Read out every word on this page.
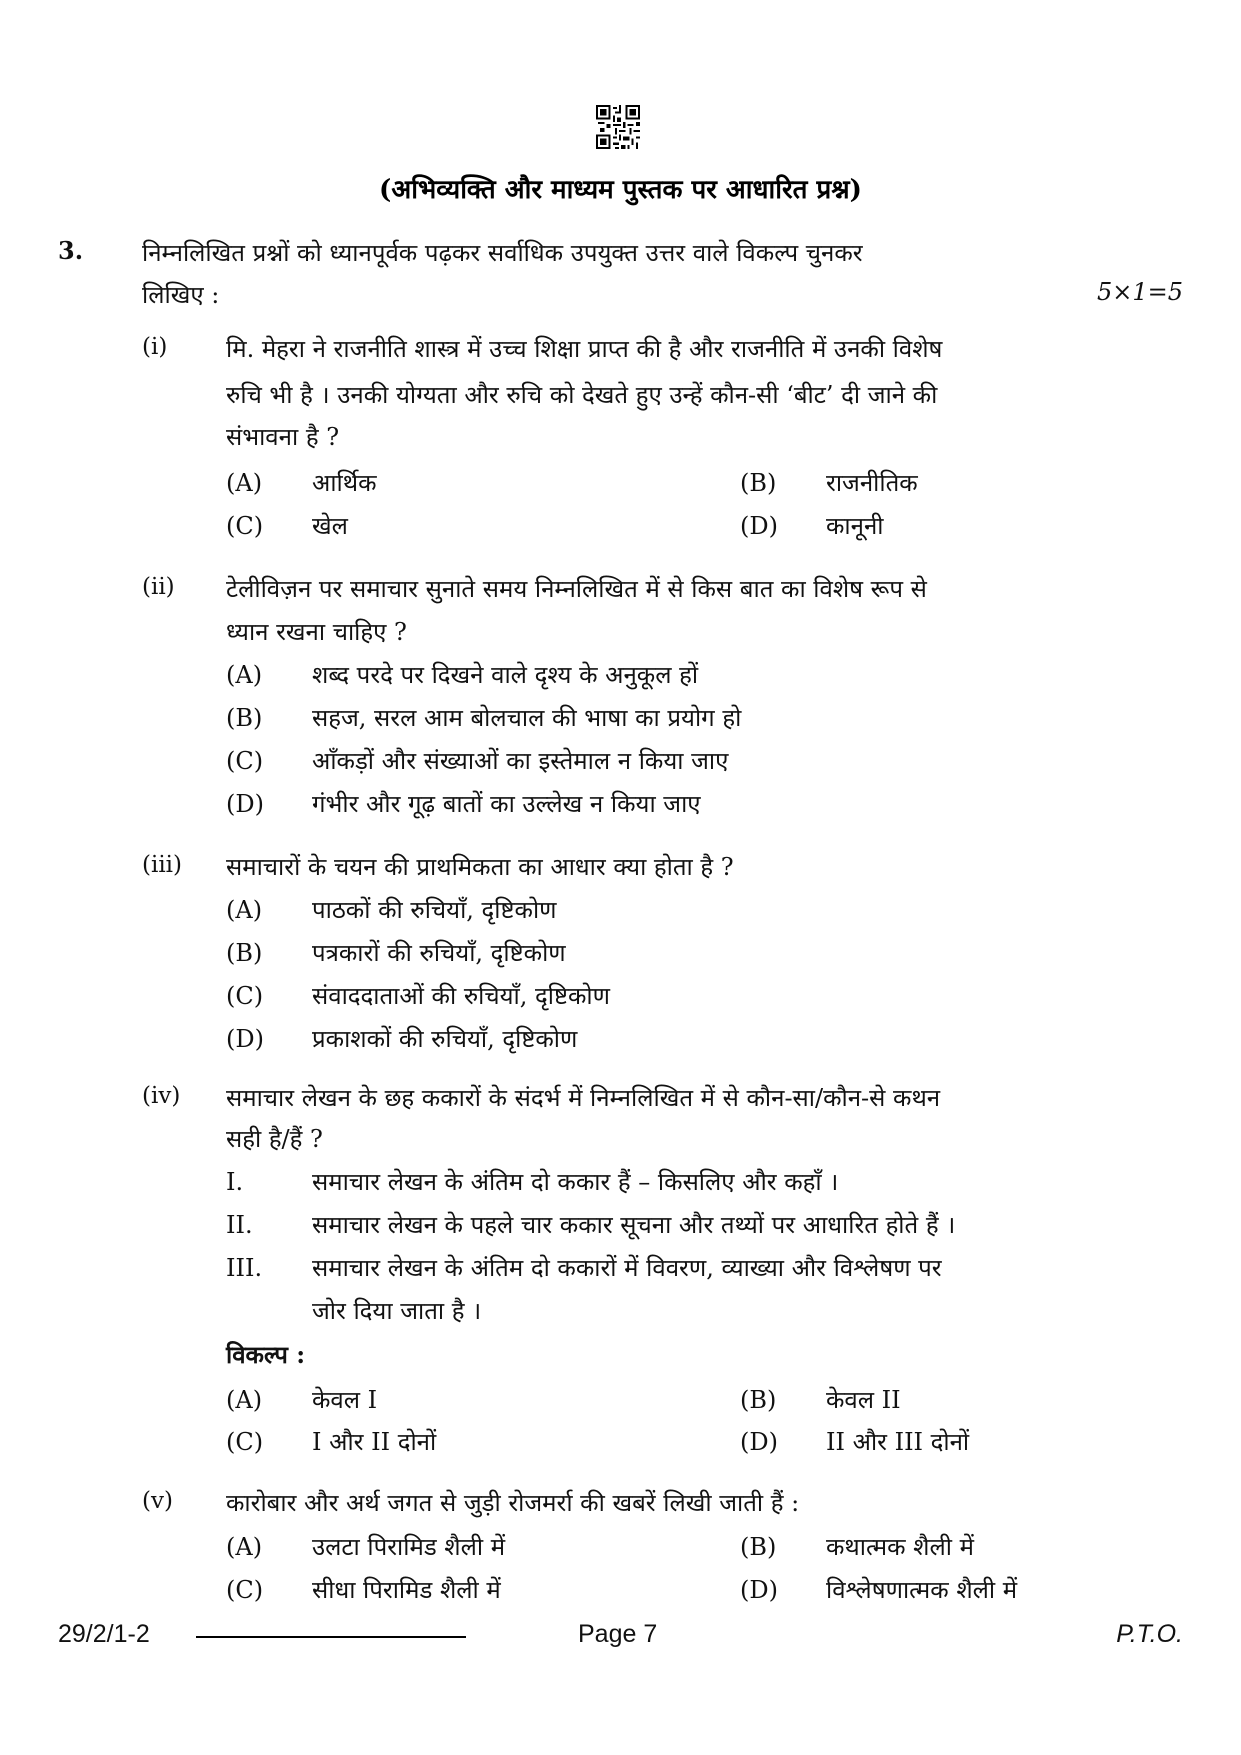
(अभिव्यक्ति और माध्यम पुस्तक पर आधारित प्रश्न)
3. निम्नलिखित प्रश्नों को ध्यानपूर्वक पढ़कर सर्वाधिक उपयुक्त उत्तर वाले विकल्प चुनकर
लिखिए :	5×1=5
(i) मि. मेहरा ने राजनीति शास्त्र में उच्च शिक्षा प्राप्त की है और राजनीति में उनकी विशेष
रुचि भी है । उनकी योग्यता और रुचि को देखते हुए उन्हें कौन-सी ‘बीट’ दी जाने की
संभावना है ?
(A) आर्थिक	(B) राजनीतिक
(C) खेल	(D) कानूनी
(ii) टेलीविज़न पर समाचार सुनाते समय निम्नलिखित में से किस बात का विशेष रूप से
ध्यान रखना चाहिए ?
(A) शब्द परदे पर दिखने वाले दृश्य के अनुकूल हों
(B) सहज, सरल आम बोलचाल की भाषा का प्रयोग हो
(C) आँकड़ों और संख्याओं का इस्तेमाल न किया जाए
(D) गंभीर और गूढ़ बातों का उल्लेख न किया जाए
(iii) समाचारों के चयन की प्राथमिकता का आधार क्या होता है ?
(A) पाठकों की रुचियाँ, दृष्टिकोण
(B) पत्रकारों की रुचियाँ, दृष्टिकोण
(C) संवाददाताओं की रुचियाँ, दृष्टिकोण
(D) प्रकाशकों की रुचियाँ, दृष्टिकोण
(iv) समाचार लेखन के छह ककारों के संदर्भ में निम्नलिखित में से कौन-सा/कौन-से कथन
सही है/हैं ?
I.	समाचार लेखन के अंतिम दो ककार हैं – किसलिए और कहाँ ।
II. समाचार लेखन के पहले चार ककार सूचना और तथ्यों पर आधारित होते हैं ।
III. समाचार लेखन के अंतिम दो ककारों में विवरण, व्याख्या और विश्लेषण पर
जोर दिया जाता है ।
विकल्प :
(A) केवल I	(B) केवल II
(C) I और II दोनों	(D) II और III दोनों
(v) कारोबार और अर्थ जगत से जुड़ी रोजमर्रा की खबरें लिखी जाती हैं :
(A) उलटा पिरामिड शैली में	(B) कथात्मक शैली में
(C) सीधा पिरामिड शैली में	(D) विश्लेषणात्मक शैली में
29/2/1-2	Page 7	P.T.O.
